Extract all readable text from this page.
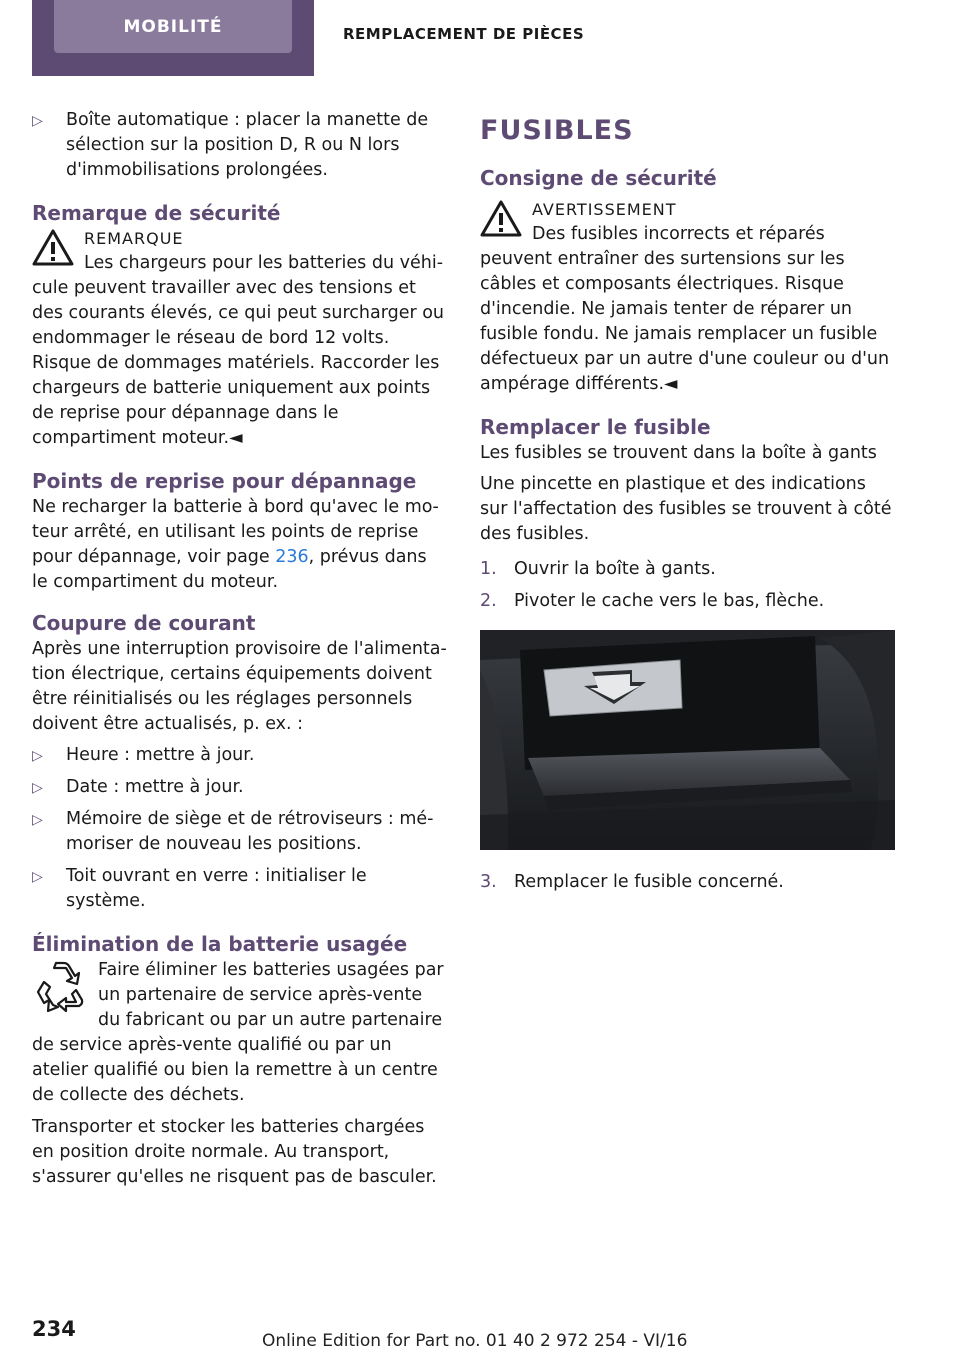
MOBILITÉ	REMPLACEMENT DE PIÈCES
▷ Boîte automatique : placer la manette de sélection sur la position D, R ou N lors d'immobilisations prolongées.
Remarque de sécurité
REMARQUE

Les chargeurs pour les batteries du véhicule peuvent travailler avec des tensions et des courants élevés, ce qui peut surcharger ou endommager le réseau de bord 12 volts. Risque de dommages matériels. Raccorder les chargeurs de batterie uniquement aux points de reprise pour dépannage dans le compartiment moteur.◄

Points de reprise pour dépannage

Ne recharger la batterie à bord qu'avec le moteur arrêté, en utilisant les points de reprise pour dépannage, voir page 236, prévus dans le compartiment du moteur.

Coupure de courant

Après une interruption provisoire de l'alimentation électrique, certains équipements doivent être réinitialisés ou les réglages personnels doivent être actualisés, p. ex. :

▷ Heure : mettre à jour.
▷ Date : mettre à jour.
▷ Mémoire de siège et de rétroviseurs : mémoriser de nouveau les positions.
▷ Toit ouvrant en verre : initialiser le système.
Élimination de la batterie usagée

Faire éliminer les batteries usagées par un partenaire de service après-vente du fabricant ou par un autre partenaire de service après-vente qualifié ou par un atelier qualifié ou bien la remettre à un centre de collecte des déchets.

Transporter et stocker les batteries chargées en position droite normale. Au transport, s'assurer qu'elles ne risquent pas de basculer.

FUSIBLES
Consigne de sécurité
AVERTISSEMENT

Des fusibles incorrects et réparés peuvent entraîner des surtensions sur les câbles et composants électriques. Risque d'incendie. Ne jamais tenter de réparer un fusible fondu. Ne jamais remplacer un fusible défectueux par un autre d'une couleur ou d'un ampérage différents.◄

Remplacer le fusible

Les fusibles se trouvent dans la boîte à gants

Une pincette en plastique et des indications sur l'affectation des fusibles se trouvent à côté des fusibles.

1. Ouvrir la boîte à gants.
2. Pivoter le cache vers le bas, flèche.
3. Remplacer le fusible concerné.
234	Online Edition for Part no. 01 40 2 972 254 - VI/16
